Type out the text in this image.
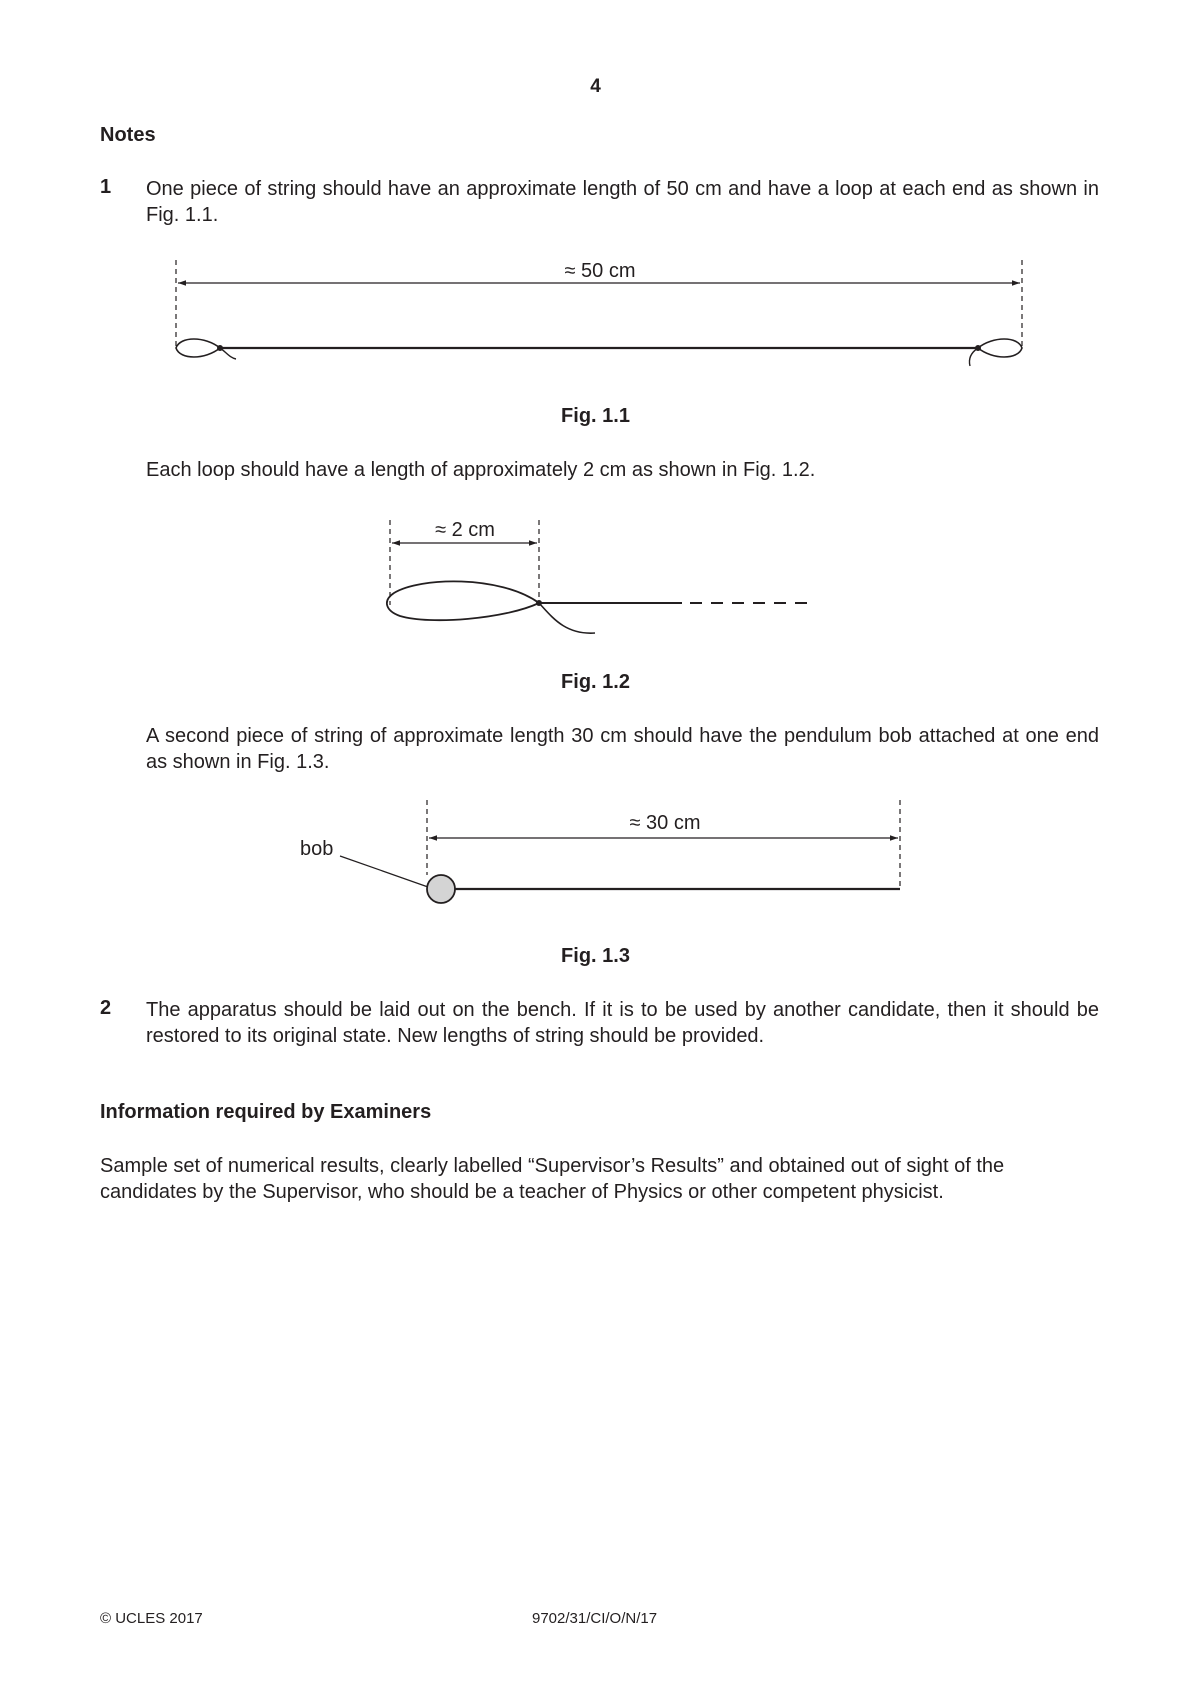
4
Notes
1 One piece of string should have an approximate length of 50 cm and have a loop at each end as shown in Fig. 1.1.
≈ 50 cm
Fig. 1.1
Each loop should have a length of approximately 2 cm as shown in Fig. 1.2.
≈ 2 cm
Fig. 1.2
A second piece of string of approximate length 30 cm should have the pendulum bob attached at one end as shown in Fig. 1.3.
≈ 30 cm
bob
Fig. 1.3
2 The apparatus should be laid out on the bench. If it is to be used by another candidate, then it should be restored to its original state. New lengths of string should be provided.
Information required by Examiners
Sample set of numerical results, clearly labelled “Supervisor’s Results” and obtained out of sight of the candidates by the Supervisor, who should be a teacher of Physics or other competent physicist.
© UCLES 2017	9702/31/CI/O/N/17
